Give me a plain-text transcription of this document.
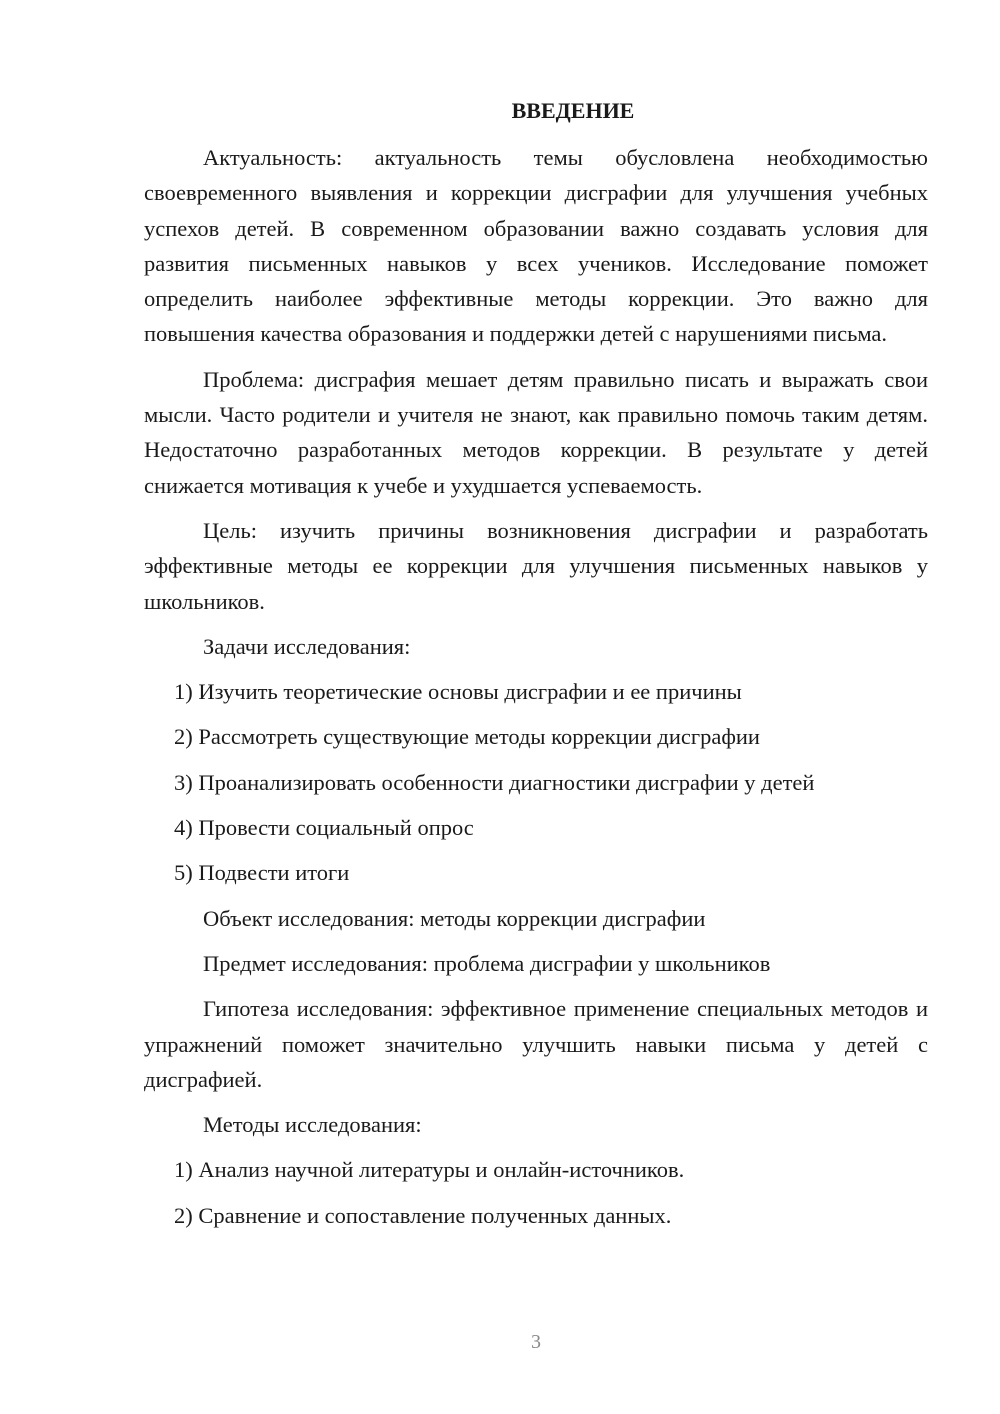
ВВЕДЕНИЕ

Актуальность: актуальность темы обусловлена необходимостью своевременного выявления и коррекции дисграфии для улучшения учебных успехов детей. В современном образовании важно создавать условия для развития письменных навыков у всех учеников. Исследование поможет определить наиболее эффективные методы коррекции. Это важно для повышения качества образования и поддержки детей с нарушениями письма.

Проблема: дисграфия мешает детям правильно писать и выражать свои мысли. Часто родители и учителя не знают, как правильно помочь таким детям. Недостаточно разработанных методов коррекции. В результате у детей снижается мотивация к учебе и ухудшается успеваемость.

Цель: изучить причины возникновения дисграфии и разработать эффективные методы ее коррекции для улучшения письменных навыков у школьников.

Задачи исследования:

1) Изучить теоретические основы дисграфии и ее причины
2) Рассмотреть существующие методы коррекции дисграфии
3) Проанализировать особенности диагностики дисграфии у детей
4) Провести социальный опрос
5) Подвести итоги

Объект исследования: методы коррекции дисграфии

Предмет исследования: проблема дисграфии у школьников

Гипотеза исследования: эффективное применение специальных методов и упражнений поможет значительно улучшить навыки письма у детей с дисграфией.

Методы исследования:

1) Анализ научной литературы и онлайн-источников.
2) Сравнение и сопоставление полученных данных.
3
